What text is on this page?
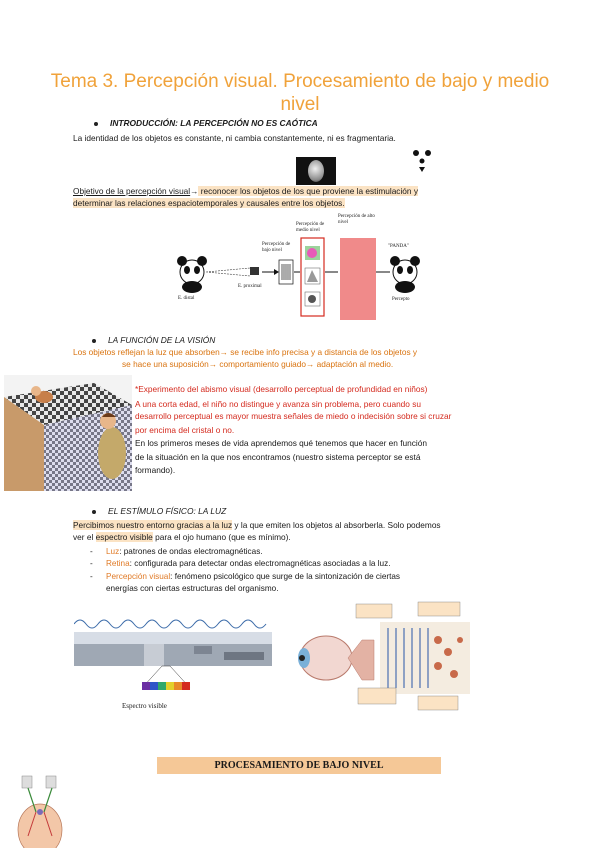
Tema 3. Percepción visual. Procesamiento de bajo y medio nivel
INTRODUCCIÓN: LA PERCEPCIÓN NO ES CAÓTICA
La identidad de los objetos es constante, ni cambia constantemente, ni es fragmentaria.
Objetivo de la percepción visual→ reconocer los objetos de los que proviene la estimulación y
determinar las relaciones espaciotemporales y causales entre los objetos.
E. distal
E. proximal
Percepción de bajo nivel
Percepción de medio nivel
Percepción de alto nivel
"PANDA"
Percepto
LA FUNCIÓN DE LA VISIÓN
Los objetos reflejan la luz que absorben→ se recibe info precisa y a distancia de los objetos y
se hace una suposición→ comportamiento guiado→ adaptación al medio.
*Experimento del abismo visual (desarrollo perceptual de profundidad en niños)
A una corta edad, el niño no distingue y avanza sin problema, pero cuando su
desarrollo perceptual es mayor muestra señales de miedo o indecisión sobre si cruzar
por encima del cristal o no.
En los primeros meses de vida aprendemos qué tenemos que hacer en función
de la situación en la que nos encontramos (nuestro sistema perceptor se está
formando).
EL ESTÍMULO FÍSICO: LA LUZ
Percibimos nuestro entorno gracias a la luz y la que emiten los objetos al absorberla. Solo podemos
ver el espectro visible para el ojo humano (que es mínimo).
- Luz: patrones de ondas electromagnéticas.
- Retina: configurada para detectar ondas electromagnéticas asociadas a la luz.
- Percepción visual: fenómeno psicológico que surge de la sintonización de ciertas
energías con ciertas estructuras del organismo.
Espectro visible
PROCESAMIENTO DE BAJO NIVEL
